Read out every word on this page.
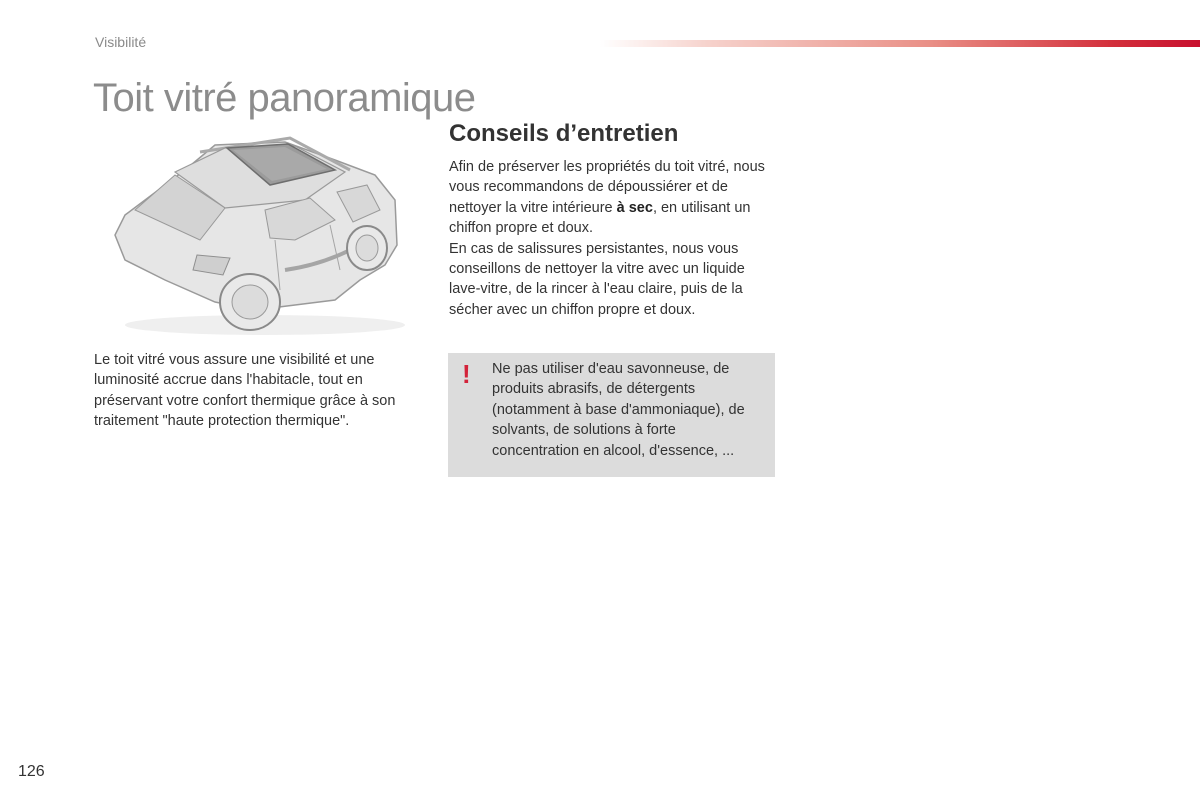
Visibilité
Toit vitré panoramique

Le toit vitré vous assure une visibilité et une luminosité accrue dans l'habitacle, tout en préservant votre confort thermique grâce à son traitement "haute protection thermique".

Conseils d’entretien

Afin de préserver les propriétés du toit vitré, nous vous recommandons de dépoussiérer et de nettoyer la vitre intérieure à sec, en utilisant un chiffon propre et doux.

En cas de salissures persistantes, nous vous conseillons de nettoyer la vitre avec un liquide lave-vitre, de la rincer à l'eau claire, puis de la sécher avec un chiffon propre et doux.

! Ne pas utiliser d'eau savonneuse, de produits abrasifs, de détergents (notamment à base d'ammoniaque), de solvants, de solutions à forte concentration en alcool, d'essence, ...

126
